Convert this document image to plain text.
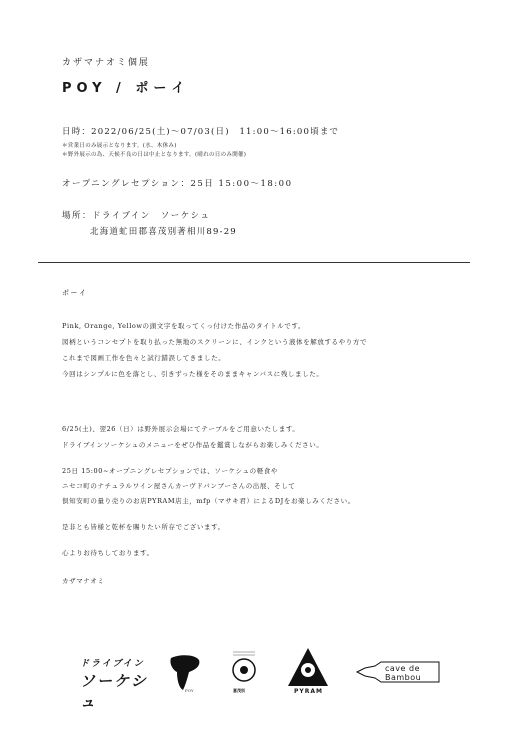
カザマナオミ個展
POY / ポーイ
日時：2022/06/25(土)～07/03(日)　11:00～16:00頃まで
＊営業日のみ展示となります。(水、木休み)
＊野外展示の為、天候不良の日は中止となります。(晴れの日のみ開催)
オープニングレセプション：25日 15:00～18:00
場所：ドライブイン　ソーケシュ
北海道虻田郡喜茂別著相川89-29
ポーイ
Pink, Orange, Yellowの頭文字を取ってくっ付けた作品のタイトルです。
図柄というコンセプトを取り払った無地のスクリーンに、インクという液体を解放するやり方で
これまで図画工作を色々と試行錯誤してきました。
今回はシンプルに色を落とし、引きずった様をそのままキャンバスに残しました。
6/25(土)、翌26（日）は野外展示会場にてテーブルをご用意いたします。
ドライブインソーケシュのメニューをぜひ作品を鑑賞しながらお楽しみください。
25日 15:00~オープニングレセプションでは、ソーケシュの軽食や
ニセコ町のナチュラルワイン屋さんカーヴドバンブーさんの出展、そして
倶知安町の量り売りのお店PYRAM店主，mfp（マサキ君）によるDJをお楽しみください。
是非とも皆様と乾杯を賜りたい所存でございます。
心よりお待ちしております。
カザマナオミ
ドライブイン
ソーケシュ
POY	喜茂別	PYRAM
cave de Bambou
